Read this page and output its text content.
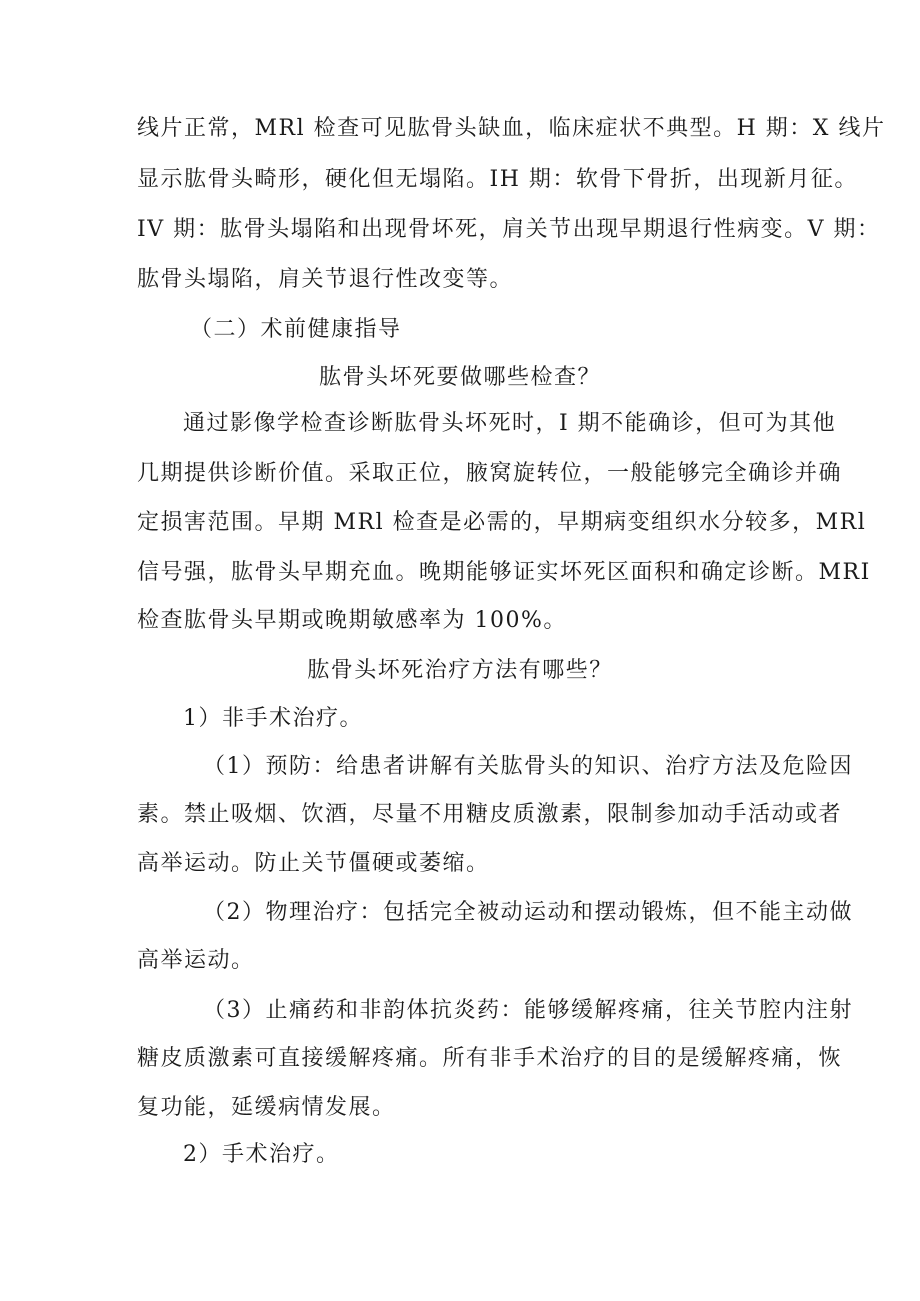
线片正常，MRl 检查可见肱骨头缺血，临床症状不典型。H 期：X 线片
显示肱骨头畸形，硬化但无塌陷。IH 期：软骨下骨折，出现新月征。
IV 期：肱骨头塌陷和出现骨坏死，肩关节出现早期退行性病变。V 期：
肱骨头塌陷，肩关节退行性改变等。
（二）术前健康指导
肱骨头坏死要做哪些检查？
通过影像学检查诊断肱骨头坏死时，I 期不能确诊，但可为其他
几期提供诊断价值。采取正位，腋窝旋转位，一般能够完全确诊并确
定损害范围。早期 MRl 检查是必需的，早期病变组织水分较多，MRl
信号强，肱骨头早期充血。晚期能够证实坏死区面积和确定诊断。MRI
检查肱骨头早期或晚期敏感率为 100%。
肱骨头坏死治疗方法有哪些？
1）非手术治疗。
（1）预防：给患者讲解有关肱骨头的知识、治疗方法及危险因
素。禁止吸烟、饮酒，尽量不用糖皮质激素，限制参加动手活动或者
高举运动。防止关节僵硬或萎缩。
（2）物理治疗：包括完全被动运动和摆动锻炼，但不能主动做
高举运动。
（3）止痛药和非韵体抗炎药：能够缓解疼痛，往关节腔内注射
糖皮质激素可直接缓解疼痛。所有非手术治疗的目的是缓解疼痛，恢
复功能，延缓病情发展。
2）手术治疗。
